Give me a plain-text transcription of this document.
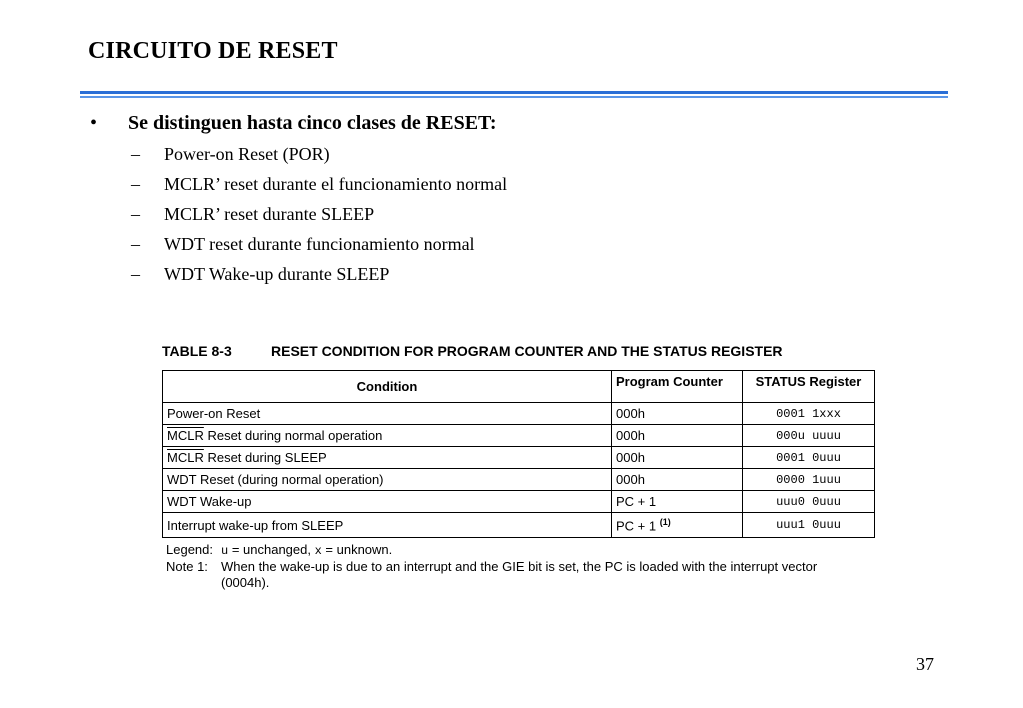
CIRCUITO DE RESET
•	Se distinguen hasta cinco clases de RESET:
–	Power-on Reset (POR)
–	MCLR’ reset durante el funcionamiento normal
–	MCLR’ reset durante SLEEP
–	WDT reset durante funcionamiento normal
–	WDT Wake-up durante SLEEP
TABLE 8-3	RESET CONDITION FOR PROGRAM COUNTER AND THE STATUS REGISTER
Condition	Program Counter	STATUS Register
Power-on Reset	000h	0001 1xxx
MCLR Reset during normal operation	000h	000u uuuu
MCLR Reset during SLEEP	000h	0001 0uuu
WDT Reset (during normal operation)	000h	0000 1uuu
WDT Wake-up	PC + 1	uuu0 0uuu
Interrupt wake-up from SLEEP	PC + 1 $^{(1)}$	uuu1 0uuu
Legend: u = unchanged, x = unknown.
Note 1:	When the wake-up is due to an interrupt and the GIE bit is set, the PC is loaded with the interrupt vector (0004h).
37
